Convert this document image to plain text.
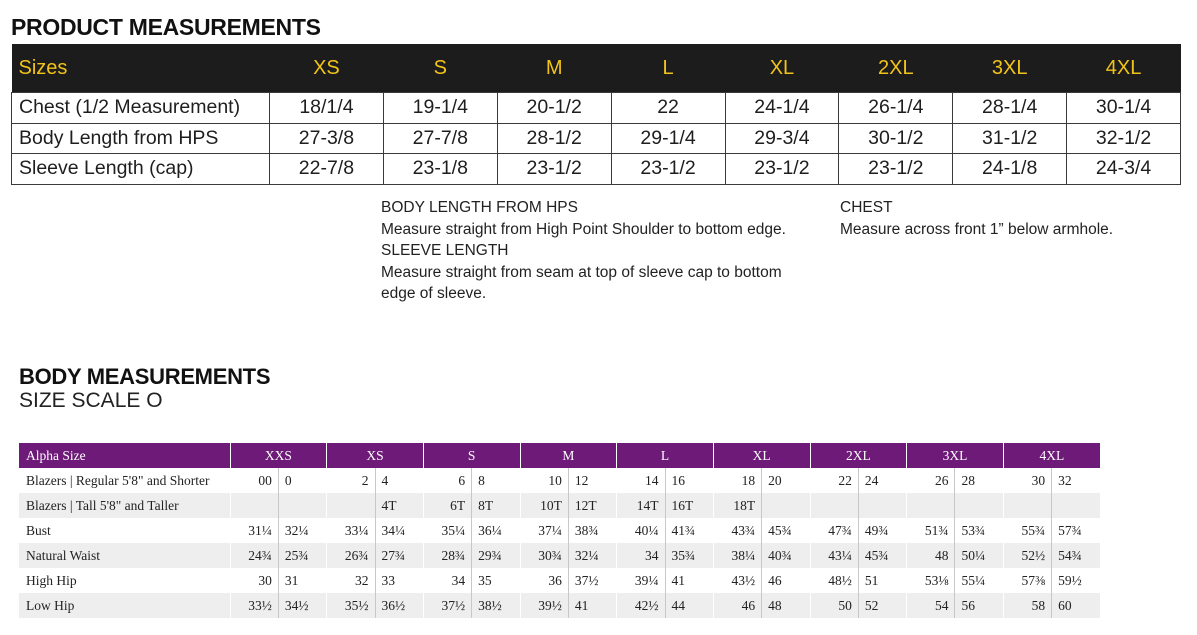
PRODUCT MEASUREMENTS
Sizes	XS	S	M	L	XL	2XL	3XL	4XL
Chest (1/2 Measurement)	18/1/4	19-1/4	20-1/2	22	24-1/4	26-1/4	28-1/4	30-1/4
Body Length from HPS	27-3/8	27-7/8	28-1/2	29-1/4	29-3/4	30-1/2	31-1/2	32-1/2
Sleeve Length (cap)	22-7/8	23-1/8	23-1/2	23-1/2	23-1/2	23-1/2	24-1/8	24-3/4
BODY LENGTH FROM HPS
Measure straight from High Point Shoulder to bottom edge.
SLEEVE LENGTH
Measure straight from seam at top of sleeve cap to bottom
edge of sleeve.
CHEST
Measure across front 1” below armhole.
BODY MEASUREMENTS
SIZE SCALE O
Alpha Size	XXS		XS		S		M		L		XL		2XL		3XL		4XL	
Blazers | Regular 5'8" and Shorter	00	0	2	4	6	8	10	12	14	16	18	20	22	24	26	28	30	32
Blazers | Tall 5'8" and Taller				4T	6T	8T	10T	12T	14T	16T	18T							
Bust	31¼	32¼	33¼	34¼	35¼	36¼	37¼	38¾	40¼	41¾	43¾	45¾	47¾	49¾	51¾	53¾	55¾	57¾
Natural Waist	24¾	25¾	26¾	27¾	28¾	29¾	30¾	32¼	34	35¾	38¼	40¾	43¼	45¾	48	50¼	52½	54¾
High Hip	30	31	32	33	34	35	36	37½	39¼	41	43½	46	48½	51	53⅛	55¼	57⅜	59½
Low Hip	33½	34½	35½	36½	37½	38½	39½	41	42½	44	46	48	50	52	54	56	58	60
